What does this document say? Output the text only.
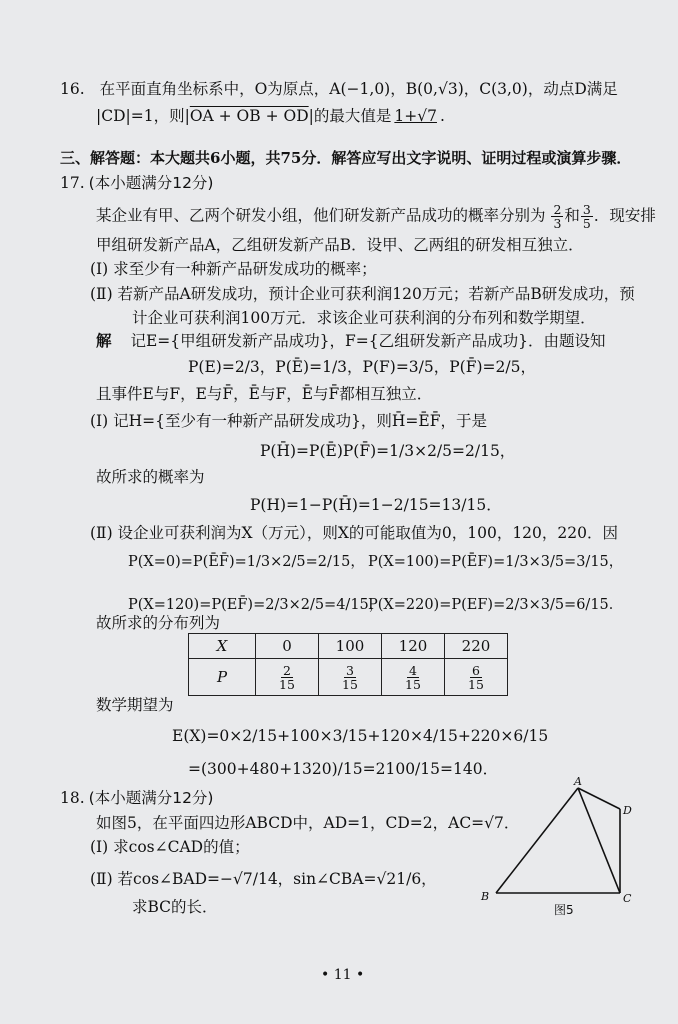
16. 在平面直角坐标系中，O为原点，A(−1,0)，B(0,√3)，C(3,0)，动点D满足
|CD|=1，则|OA + OB + OD|的最大值是 1+√7 .
三、解答题：本大题共6小题，共75分．解答应写出文字说明、证明过程或演算步骤．
17. (本小题满分12分)
某企业有甲、乙两个研发小组，他们研发新产品成功的概率分别为 $\frac{2}{3}$ 和 $\frac{3}{5}$ ．现安排
甲组研发新产品A，乙组研发新产品B．设甲、乙两组的研发相互独立．
(Ⅰ) 求至少有一种新产品研发成功的概率；
(Ⅱ) 若新产品A研发成功，预计企业可获利润120万元；若新产品B研发成功，预
计企业可获利润100万元．求该企业可获利润的分布列和数学期望．
解 记E={甲组研发新产品成功}，F={乙组研发新产品成功}．由题设知
P(E)=2/3，P(Ē)=1/3，P(F)=3/5，P(F̄)=2/5，
且事件E与F，E与F̄，Ē与F，Ē与F̄都相互独立．
(Ⅰ) 记H={至少有一种新产品研发成功}，则H̄=ĒF̄，于是
P(H̄)=P(Ē)P(F̄)=1/3×2/5=2/15，
故所求的概率为
P(H)=1−P(H̄)=1−2/15=13/15．
(Ⅱ) 设企业可获利润为X（万元），则X的可能取值为0，100，120，220．因
P(X=0)=P(ĒF̄)=1/3×2/5=2/15， P(X=100)=P(ĒF)=1/3×3/5=3/15，
P(X=120)=P(EF̄)=2/3×2/5=4/15，
P(X=220)=P(EF)=2/3×3/5=6/15．
故所求的分布列为
X	0	100	120	220
P	$\frac{2}{15}$	$\frac{3}{15}$	$\frac{4}{15}$	$\frac{6}{15}$
数学期望为
E(X)=0×2/15+100×3/15+120×4/15+220×6/15
=(300+480+1320)/15=2100/15=140．
18. (本小题满分12分)
如图5，在平面四边形ABCD中，AD=1，CD=2，AC=√7．
(Ⅰ) 求cos∠CAD的值；
(Ⅱ) 若cos∠BAD=−√7/14，sin∠CBA=√21/6，
求BC的长．
A
B	C
D
图5
• 11 •
